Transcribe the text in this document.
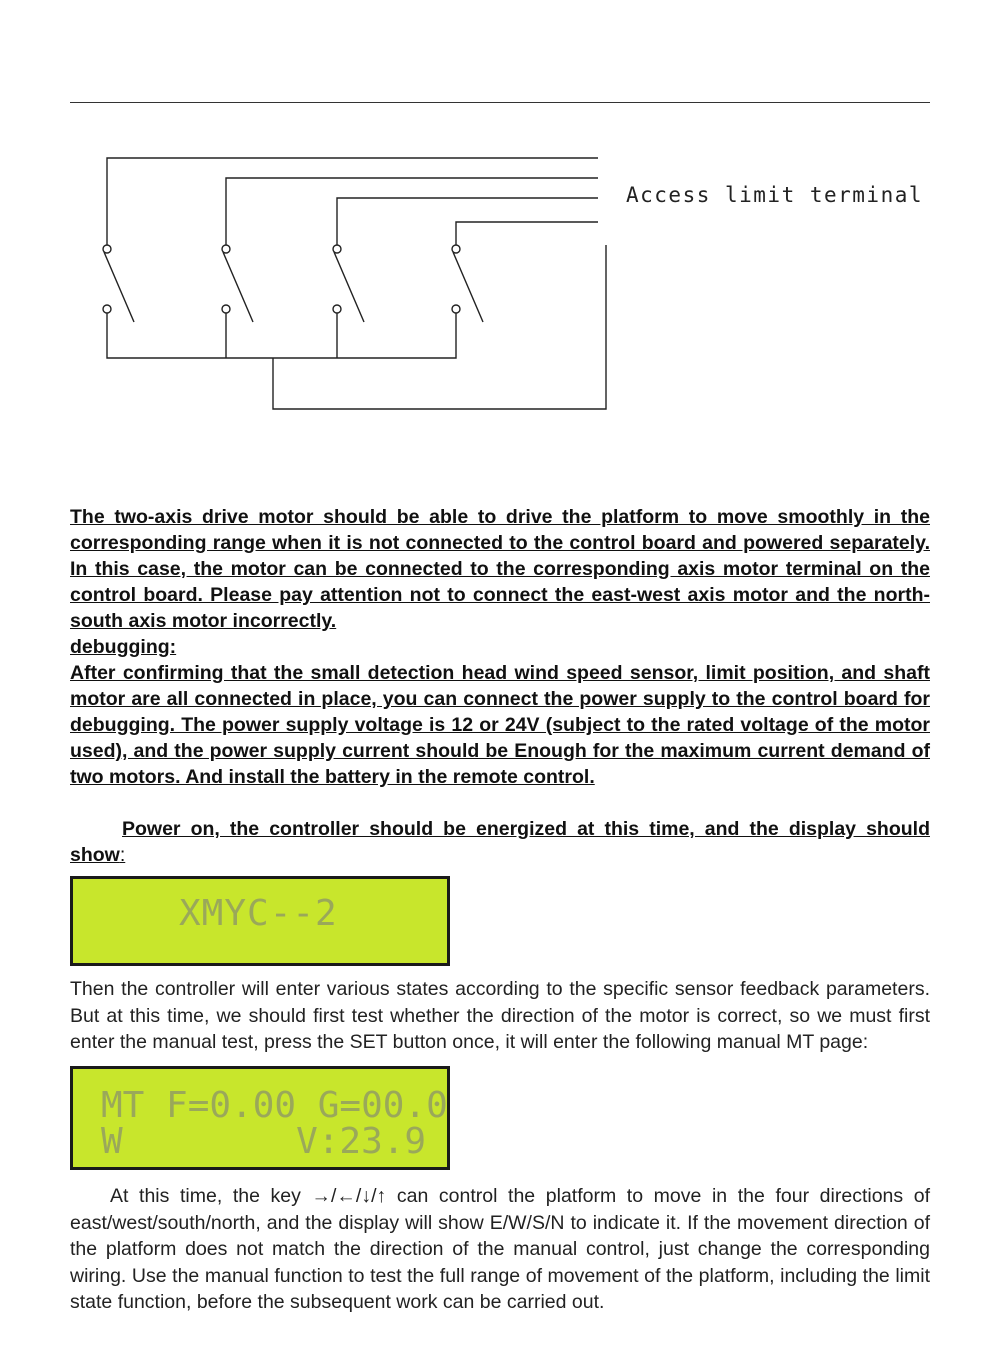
Access limit terminal
The two-axis drive motor should be able to drive the platform to move smoothly in the corresponding range when it is not connected to the control board and powered separately. In this case, the motor can be connected to the corresponding axis motor terminal on the control board. Please pay attention not to connect the east-west axis motor and the north-south axis motor incorrectly.
debugging:
After confirming that the small detection head wind speed sensor, limit position, and shaft motor are all connected in place, you can connect the power supply to the control board for debugging. The power supply voltage is 12 or 24V (subject to the rated voltage of the motor used), and the power supply current should be Enough for the maximum current demand of two motors. And install the battery in the remote control.
Power on, the controller should be energized at this time, and the display should show:
XMYC--2
Then the controller will enter various states according to the specific sensor feedback parameters. But at this time, we should first test whether the direction of the motor is correct, so we must first enter the manual test, press the SET button once, it will enter the following manual MT page:
MT F=0.00 G=00.0
W        V:23.9
At this time, the key →/←/↓/↑ can control the platform to move in the four directions of east/west/south/north, and the display will show E/W/S/N to indicate it. If the movement direction of the platform does not match the direction of the manual control, just change the corresponding wiring. Use the manual function to test the full range of movement of the platform, including the limit state function, before the subsequent work can be carried out.
